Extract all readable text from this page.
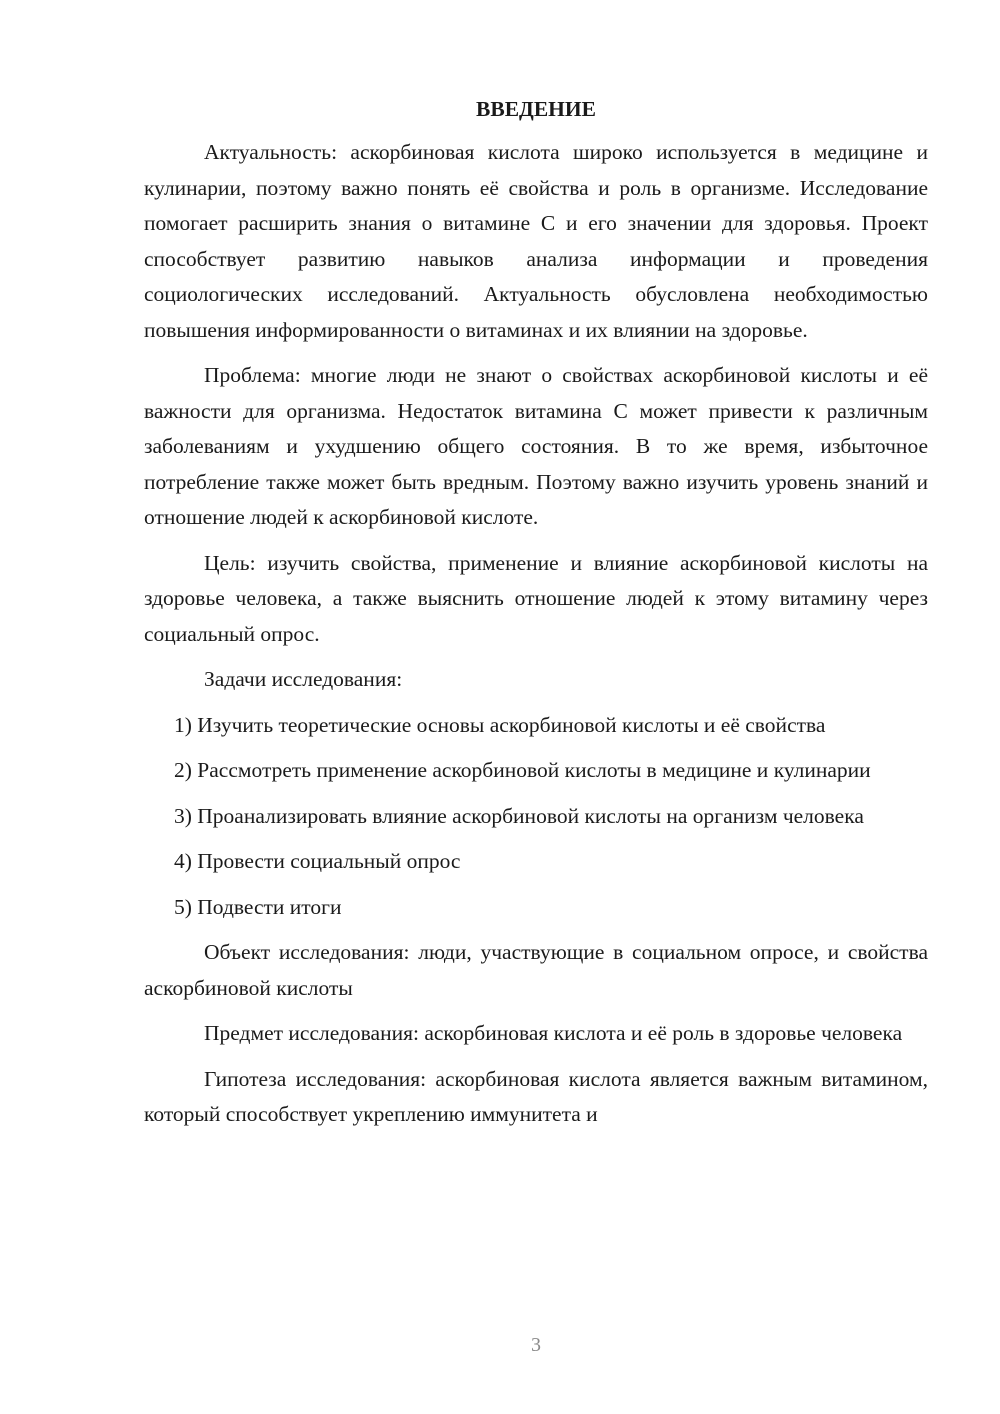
ВВЕДЕНИЕ

Актуальность: аскорбиновая кислота широко используется в медицине и кулинарии, поэтому важно понять её свойства и роль в организме. Исследование помогает расширить знания о витамине C и его значении для здоровья. Проект способствует развитию навыков анализа информации и проведения социологических исследований. Актуальность обусловлена необходимостью повышения информированности о витаминах и их влиянии на здоровье.

Проблема: многие люди не знают о свойствах аскорбиновой кислоты и её важности для организма. Недостаток витамина C может привести к различным заболеваниям и ухудшению общего состояния. В то же время, избыточное потребление также может быть вредным. Поэтому важно изучить уровень знаний и отношение людей к аскорбиновой кислоте.

Цель: изучить свойства, применение и влияние аскорбиновой кислоты на здоровье человека, а также выяснить отношение людей к этому витамину через социальный опрос.

Задачи исследования:

1) Изучить теоретические основы аскорбиновой кислоты и её свойства

2) Рассмотреть применение аскорбиновой кислоты в медицине и кулинарии

3) Проанализировать влияние аскорбиновой кислоты на организм человека

4) Провести социальный опрос

5) Подвести итоги

Объект исследования: люди, участвующие в социальном опросе, и свойства аскорбиновой кислоты

Предмет исследования: аскорбиновая кислота и её роль в здоровье человека

Гипотеза исследования: аскорбиновая кислота является важным витамином, который способствует укреплению иммунитета и

3
